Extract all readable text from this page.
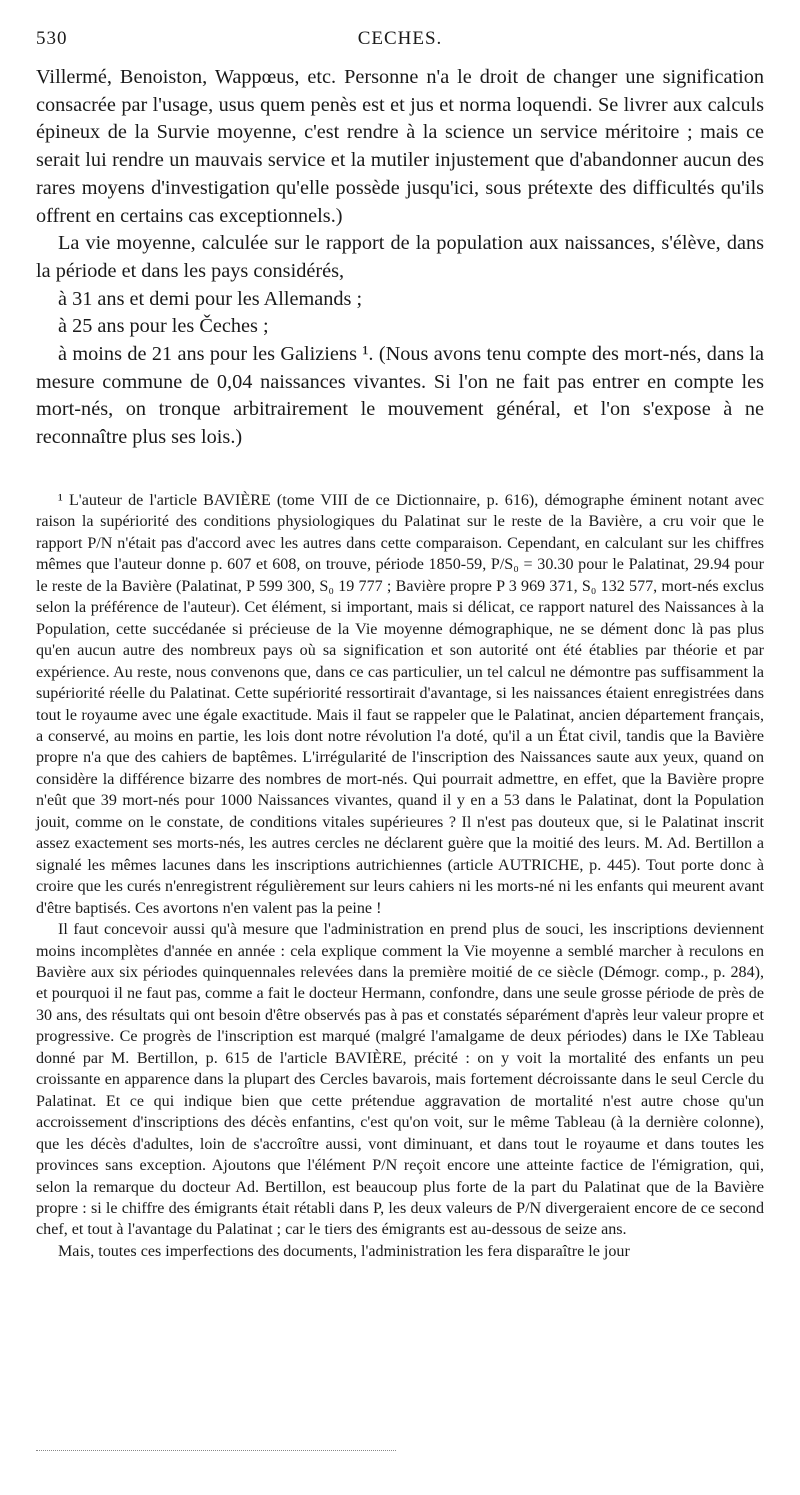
530	CECHES.

Villermé, Benoiston, Wappœus, etc. Personne n'a le droit de changer une signification consacrée par l'usage, usus quem penès est et jus et norma loquendi. Se livrer aux calculs épineux de la Survie moyenne, c'est rendre à la science un service méritoire ; mais ce serait lui rendre un mauvais service et la mutiler injustement que d'abandonner aucun des rares moyens d'investigation qu'elle possède jusqu'ici, sous prétexte des difficultés qu'ils offrent en certains cas exceptionnels.)

La vie moyenne, calculée sur le rapport de la population aux naissances, s'élève, dans la période et dans les pays considérés,

à 31 ans et demi pour les Allemands ;

à 25 ans pour les Čeches ;

à moins de 21 ans pour les Galiziens ¹. (Nous avons tenu compte des mort-nés, dans la mesure commune de 0,04 naissances vivantes. Si l'on ne fait pas entrer en compte les mort-nés, on tronque arbitrairement le mouvement général, et l'on s'expose à ne reconnaître plus ses lois.)

¹ L'auteur de l'article BAVIÈRE (tome VIII de ce Dictionnaire, p. 616), démographe éminent notant avec raison la supériorité des conditions physiologiques du Palatinat sur le reste de la Bavière, a cru voir que le rapport P/N n'était pas d'accord avec les autres dans cette comparaison. Cependant, en calculant sur les chiffres mêmes que l'auteur donne p. 607 et 608, on trouve, période 1850-59, P/S₀ = 30.30 pour le Palatinat, 29.94 pour le reste de la Bavière (Palatinat, P 599 300, S₀ 19 777 ; Bavière propre P 3 969 371, S₀ 132 577, mort-nés exclus selon la préférence de l'auteur). Cet élément, si important, mais si délicat, ce rapport naturel des Naissances à la Population, cette succédanée si précieuse de la Vie moyenne démographique, ne se dément donc là pas plus qu'en aucun autre des nombreux pays où sa signification et son autorité ont été établies par théorie et par expérience. Au reste, nous convenons que, dans ce cas particulier, un tel calcul ne démontre pas suffisamment la supériorité réelle du Palatinat. Cette supériorité ressortirait d'avantage, si les naissances étaient enregistrées dans tout le royaume avec une égale exactitude. Mais il faut se rappeler que le Palatinat, ancien département français, a conservé, au moins en partie, les lois dont notre révolution l'a doté, qu'il a un État civil, tandis que la Bavière propre n'a que des cahiers de baptêmes. L'irrégularité de l'inscription des Naissances saute aux yeux, quand on considère la différence bizarre des nombres de mort-nés. Qui pourrait admettre, en effet, que la Bavière propre n'eût que 39 mort-nés pour 1000 Naissances vivantes, quand il y en a 53 dans le Palatinat, dont la Population jouit, comme on le constate, de conditions vitales supérieures ? Il n'est pas douteux que, si le Palatinat inscrit assez exactement ses morts-nés, les autres cercles ne déclarent guère que la moitié des leurs. M. Ad. Bertillon a signalé les mêmes lacunes dans les inscriptions autrichiennes (article AUTRICHE, p. 445). Tout porte donc à croire que les curés n'enregistrent régulièrement sur leurs cahiers ni les morts-né ni les enfants qui meurent avant d'être baptisés. Ces avortons n'en valent pas la peine !

Il faut concevoir aussi qu'à mesure que l'administration en prend plus de souci, les inscriptions deviennent moins incomplètes d'année en année : cela explique comment la Vie moyenne a semblé marcher à reculons en Bavière aux six périodes quinquennales relevées dans la première moitié de ce siècle (Démogr. comp., p. 284), et pourquoi il ne faut pas, comme a fait le docteur Hermann, confondre, dans une seule grosse période de près de 30 ans, des résultats qui ont besoin d'être observés pas à pas et constatés séparément d'après leur valeur propre et progressive. Ce progrès de l'inscription est marqué (malgré l'amalgame de deux périodes) dans le IXe Tableau donné par M. Bertillon, p. 615 de l'article BAVIÈRE, précité : on y voit la mortalité des enfants un peu croissante en apparence dans la plupart des Cercles bavarois, mais fortement décroissante dans le seul Cercle du Palatinat. Et ce qui indique bien que cette prétendue aggravation de mortalité n'est autre chose qu'un accroissement d'inscriptions des décès enfantins, c'est qu'on voit, sur le même Tableau (à la dernière colonne), que les décès d'adultes, loin de s'accroître aussi, vont diminuant, et dans tout le royaume et dans toutes les provinces sans exception. Ajoutons que l'élément P/N reçoit encore une atteinte factice de l'émigration, qui, selon la remarque du docteur Ad. Bertillon, est beaucoup plus forte de la part du Palatinat que de la Bavière propre : si le chiffre des émigrants était rétabli dans P, les deux valeurs de P/N divergeraient encore de ce second chef, et tout à l'avantage du Palatinat ; car le tiers des émigrants est au-dessous de seize ans.

Mais, toutes ces imperfections des documents, l'administration les fera disparaître le jour
